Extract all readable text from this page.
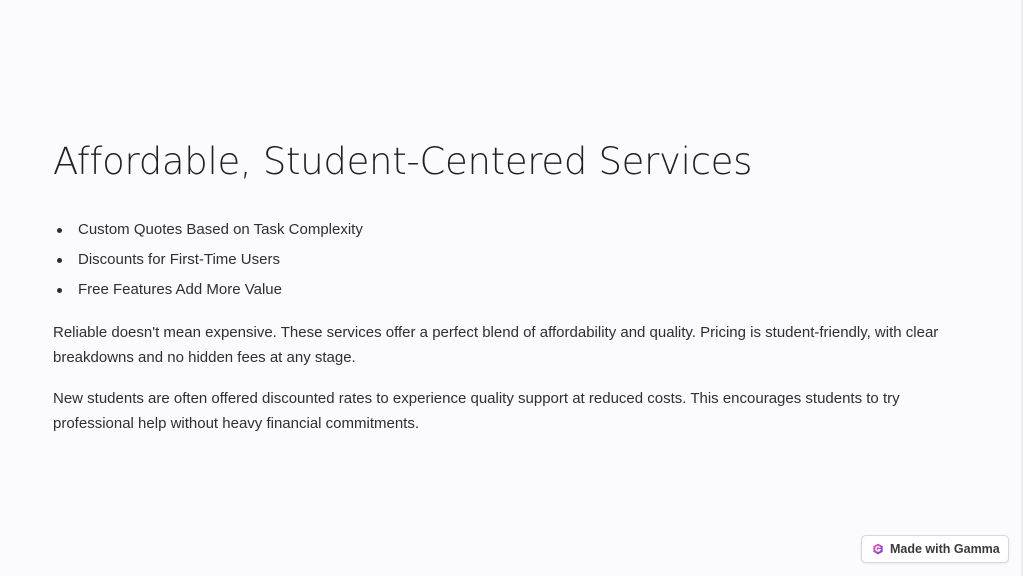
Affordable, Student-Centered Services
Custom Quotes Based on Task Complexity
Discounts for First-Time Users
Free Features Add More Value

Reliable doesn't mean expensive. These services offer a perfect blend of affordability and quality. Pricing is student-friendly, with clear breakdowns and no hidden fees at any stage.

New students are often offered discounted rates to experience quality support at reduced costs. This encourages students to try professional help without heavy financial commitments.

Made with Gamma
